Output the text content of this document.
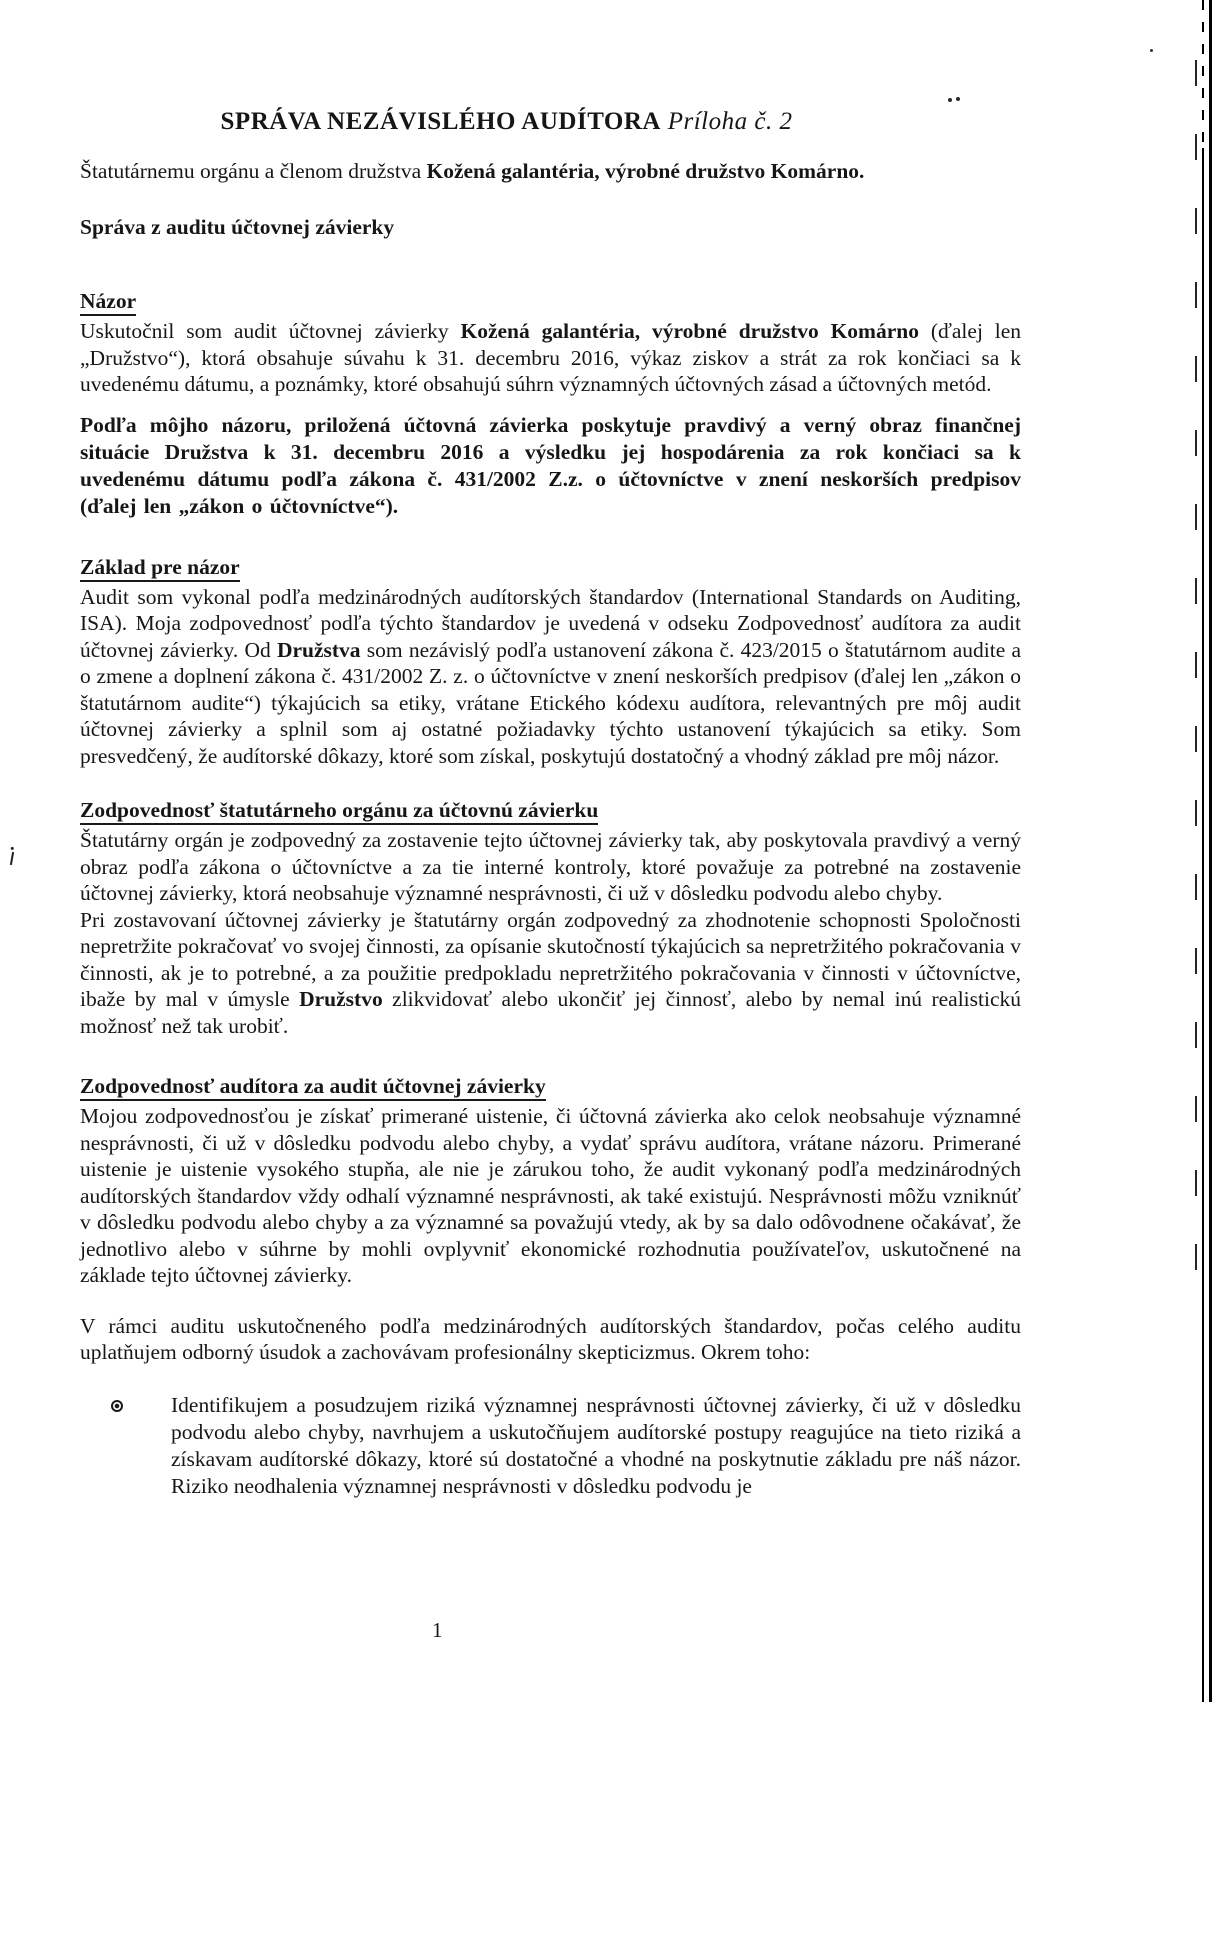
SPRÁVA NEZÁVISLÉHO AUDÍTORA Príloha č. 2

Štatutárnemu orgánu a členom družstva Kožená galantéria, výrobné družstvo Komárno.

Správa z auditu účtovnej závierky

Názor

Uskutočnil som audit účtovnej závierky Kožená galantéria, výrobné družstvo Komárno (ďalej len „Družstvo“), ktorá obsahuje súvahu k 31. decembru 2016, výkaz ziskov a strát za rok končiaci sa k uvedenému dátumu, a poznámky, ktoré obsahujú súhrn významných účtovných zásad a účtovných metód.

Podľa môjho názoru, priložená účtovná závierka poskytuje pravdivý a verný obraz finančnej situácie Družstva k 31. decembru 2016 a výsledku jej hospodárenia za rok končiaci sa k uvedenému dátumu podľa zákona č. 431/2002 Z.z. o účtovníctve v znení neskorších predpisov (ďalej len „zákon o účtovníctve“).

Základ pre názor

Audit som vykonal podľa medzinárodných audítorských štandardov (International Standards on Auditing, ISA). Moja zodpovednosť podľa týchto štandardov je uvedená v odseku Zodpovednosť audítora za audit účtovnej závierky. Od Družstva som nezávislý podľa ustanovení zákona č. 423/2015 o štatutárnom audite a o zmene a doplnení zákona č. 431/2002 Z. z. o účtovníctve v znení neskorších predpisov (ďalej len „zákon o štatutárnom audite“) týkajúcich sa etiky, vrátane Etického kódexu audítora, relevantných pre môj audit účtovnej závierky a splnil som aj ostatné požiadavky týchto ustanovení týkajúcich sa etiky. Som presvedčený, že audítorské dôkazy, ktoré som získal, poskytujú dostatočný a vhodný základ pre môj názor.

Zodpovednosť štatutárneho orgánu za účtovnú závierku

Štatutárny orgán je zodpovedný za zostavenie tejto účtovnej závierky tak, aby poskytovala pravdivý a verný obraz podľa zákona o účtovníctve a za tie interné kontroly, ktoré považuje za potrebné na zostavenie účtovnej závierky, ktorá neobsahuje významné nesprávnosti, či už v dôsledku podvodu alebo chyby.

Pri zostavovaní účtovnej závierky je štatutárny orgán zodpovedný za zhodnotenie schopnosti Spoločnosti nepretržite pokračovať vo svojej činnosti, za opísanie skutočností týkajúcich sa nepretržitého pokračovania v činnosti, ak je to potrebné, a za použitie predpokladu nepretržitého pokračovania v činnosti v účtovníctve, ibaže by mal v úmysle Družstvo zlikvidovať alebo ukončiť jej činnosť, alebo by nemal inú realistickú možnosť než tak urobiť.

Zodpovednosť audítora za audit účtovnej závierky

Mojou zodpovednosťou je získať primerané uistenie, či účtovná závierka ako celok neobsahuje významné nesprávnosti, či už v dôsledku podvodu alebo chyby, a vydať správu audítora, vrátane názoru. Primerané uistenie je uistenie vysokého stupňa, ale nie je zárukou toho, že audit vykonaný podľa medzinárodných audítorských štandardov vždy odhalí významné nesprávnosti, ak také existujú. Nesprávnosti môžu vzniknúť v dôsledku podvodu alebo chyby a za významné sa považujú vtedy, ak by sa dalo odôvodnene očakávať, že jednotlivo alebo v súhrne by mohli ovplyvniť ekonomické rozhodnutia používateľov, uskutočnené na základe tejto účtovnej závierky.

V rámci auditu uskutočneného podľa medzinárodných audítorských štandardov, počas celého auditu uplatňujem odborný úsudok a zachovávam profesionálny skepticizmus. Okrem toho:

Identifikujem a posudzujem riziká významnej nesprávnosti účtovnej závierky, či už v dôsledku podvodu alebo chyby, navrhujem a uskutočňujem audítorské postupy reagujúce na tieto riziká a získavam audítorské dôkazy, ktoré sú dostatočné a vhodné na poskytnutie základu pre náš názor. Riziko neodhalenia významnej nesprávnosti v dôsledku podvodu je

1
